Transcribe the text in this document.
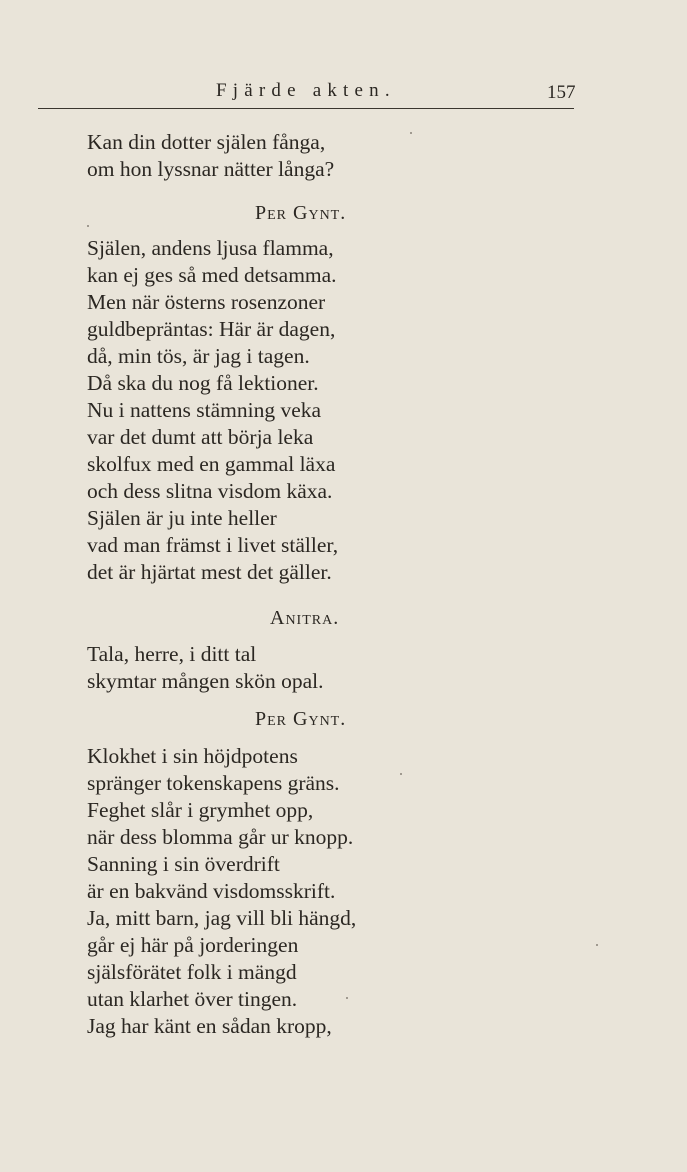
Fjärde akten.	157
Kan din dotter själen fånga,
om hon lyssnar nätter långa?
Per Gynt.
Själen, andens ljusa flamma,
kan ej ges så med detsamma.
Men när österns rosenzoner
guldbepräntas: Här är dagen,
då, min tös, är jag i tagen.
Då ska du nog få lektioner.
Nu i nattens stämning veka
var det dumt att börja leka
skolfux med en gammal läxa
och dess slitna visdom käxa.
Själen är ju inte heller
vad man främst i livet ställer,
det är hjärtat mest det gäller.
Anitra.
Tala, herre, i ditt tal
skymtar mången skön opal.
Per Gynt.
Klokhet i sin höjdpotens
spränger tokenskapens gräns.
Feghet slår i grymhet opp,
när dess blomma går ur knopp.
Sanning i sin överdrift
är en bakvänd visdomsskrift.
Ja, mitt barn, jag vill bli hängd,
går ej här på jorderingen
själsförätet folk i mängd
utan klarhet över tingen.
Jag har känt en sådan kropp,
